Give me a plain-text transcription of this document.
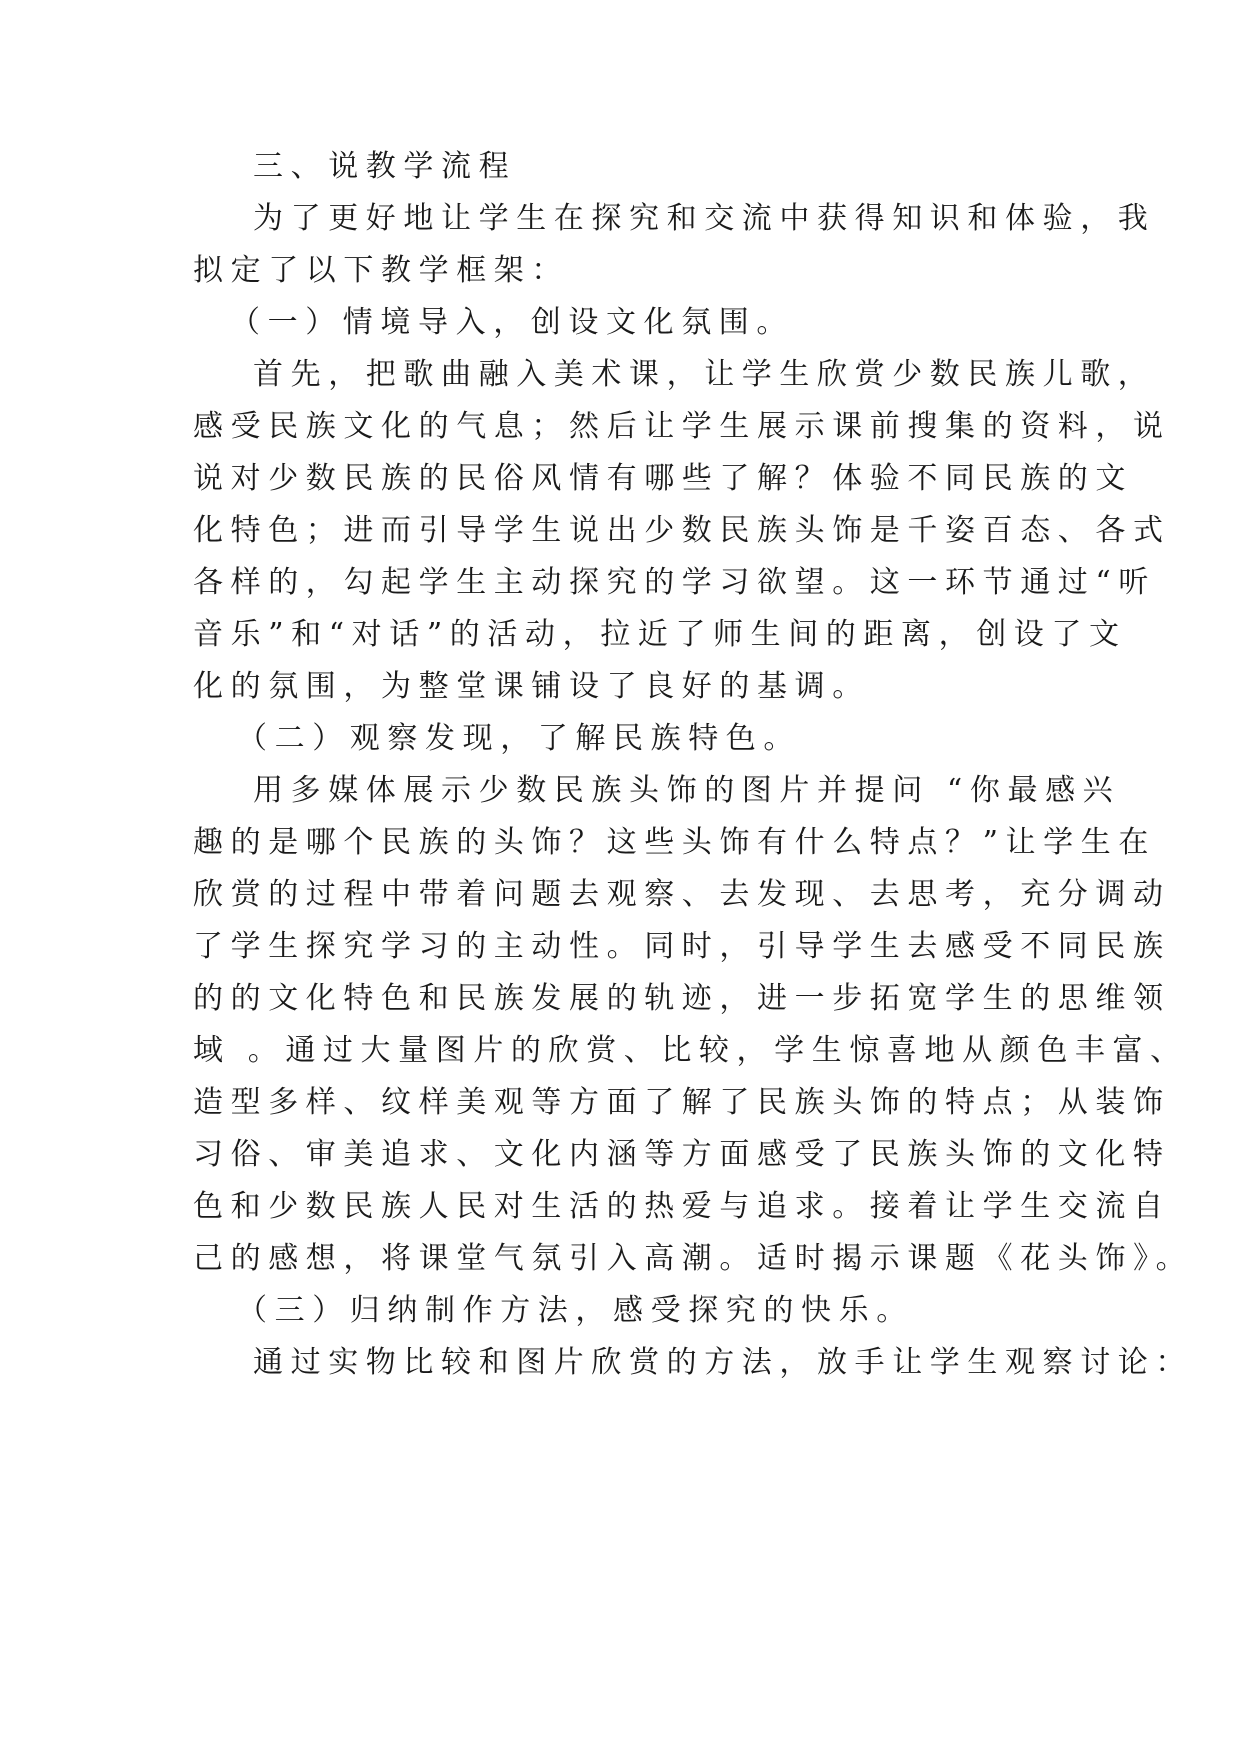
三、说教学流程
为了更好地让学生在探究和交流中获得知识和体验，我
拟定了以下教学框架：
（一）情境导入，创设文化氛围。
首先，把歌曲融入美术课，让学生欣赏少数民族儿歌，
感受民族文化的气息；然后让学生展示课前搜集的资料，说
说对少数民族的民俗风情有哪些了解？体验不同民族的文
化特色；进而引导学生说出少数民族头饰是千姿百态、各式
各样的，勾起学生主动探究的学习欲望。这一环节通过“听
音乐”和“对话”的活动，拉近了师生间的距离，创设了文
化的氛围，为整堂课铺设了良好的基调。
（二）观察发现，了解民族特色。
用多媒体展示少数民族头饰的图片并提问 “你最感兴
趣的是哪个民族的头饰？这些头饰有什么特点？”让学生在
欣赏的过程中带着问题去观察、去发现、去思考，充分调动
了学生探究学习的主动性。同时，引导学生去感受不同民族
的的文化特色和民族发展的轨迹，进一步拓宽学生的思维领
域 。通过大量图片的欣赏、比较，学生惊喜地从颜色丰富、
造型多样、纹样美观等方面了解了民族头饰的特点；从装饰
习俗、审美追求、文化内涵等方面感受了民族头饰的文化特
色和少数民族人民对生活的热爱与追求。接着让学生交流自
己的感想，将课堂气氛引入高潮。适时揭示课题《花头饰》。
（三）归纳制作方法，感受探究的快乐。
通过实物比较和图片欣赏的方法，放手让学生观察讨论：
